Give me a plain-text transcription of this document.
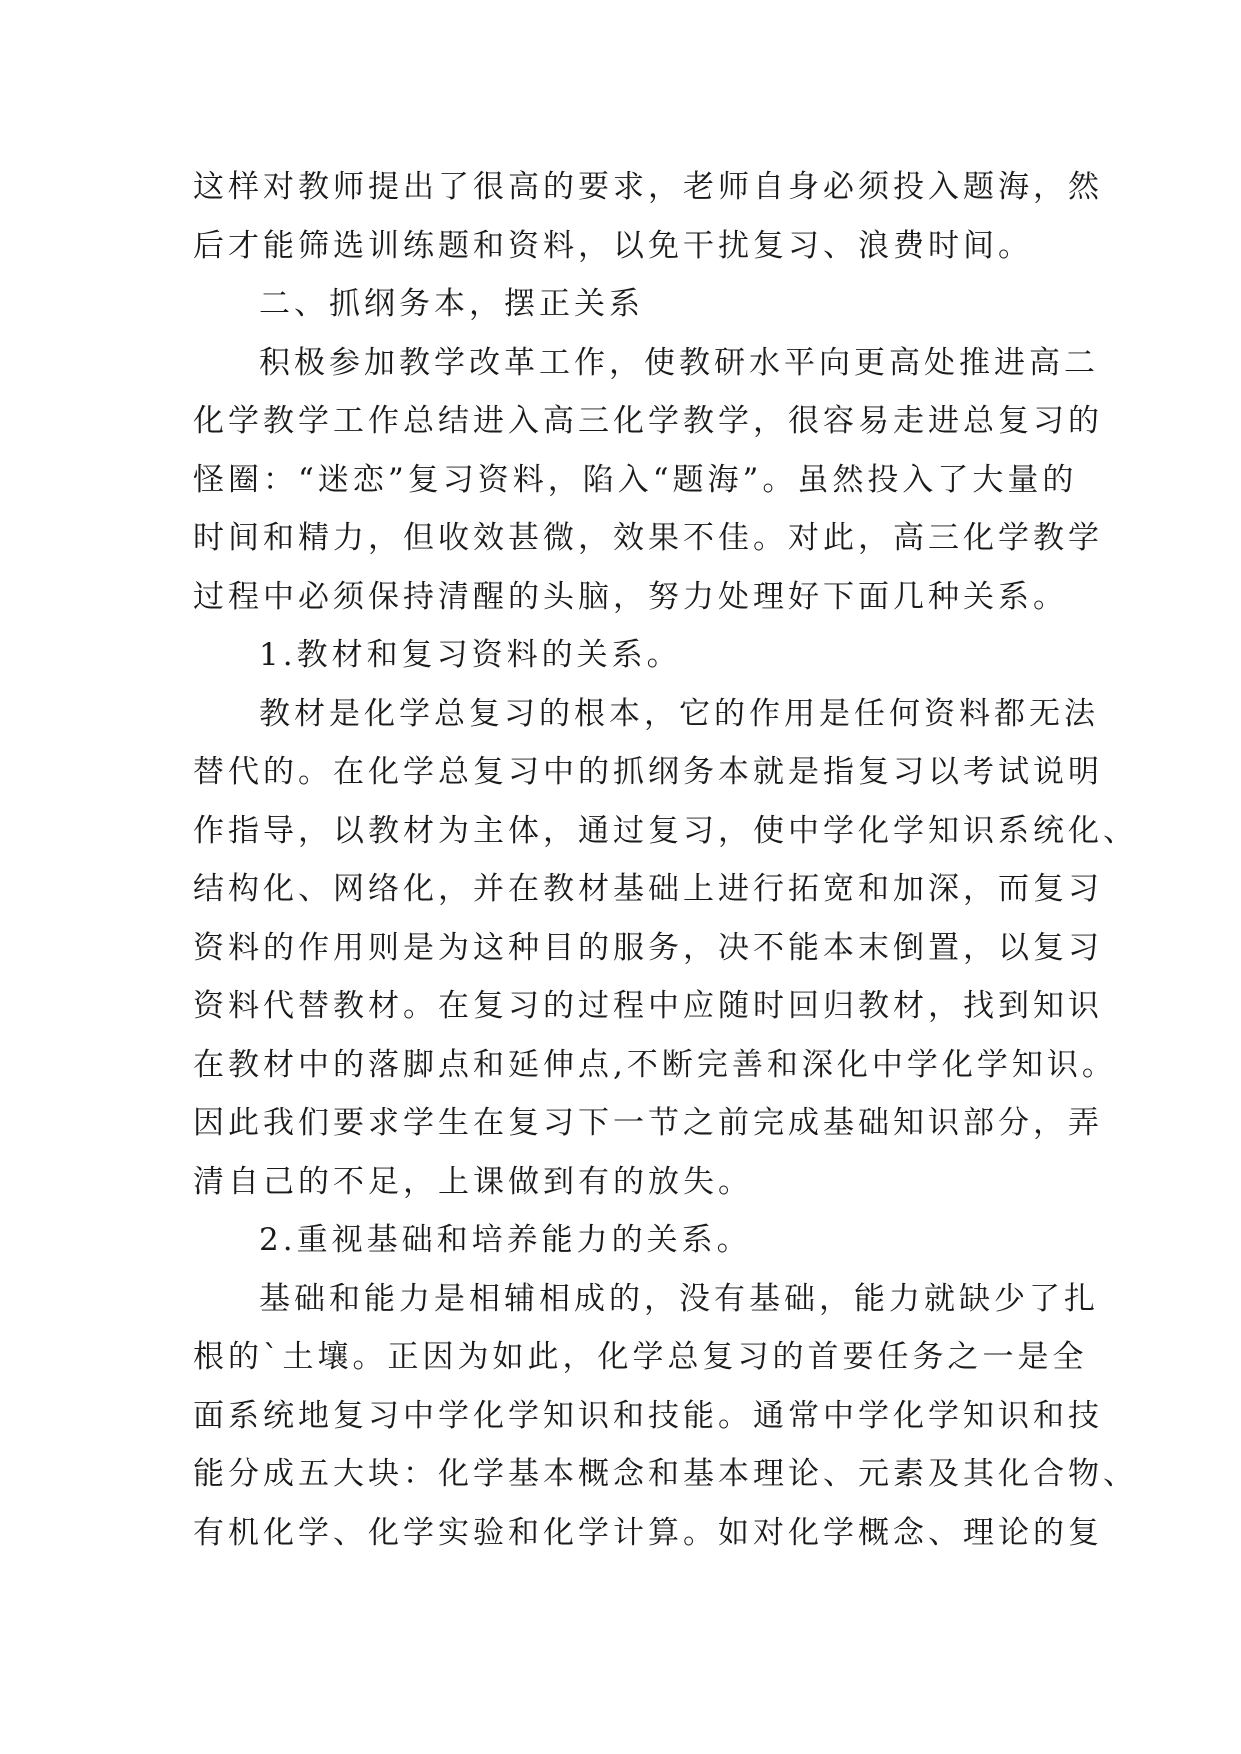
这样对教师提出了很高的要求，老师自身必须投入题海，然
后才能筛选训练题和资料，以免干扰复习、浪费时间。
二、抓纲务本，摆正关系
积极参加教学改革工作，使教研水平向更高处推进高二
化学教学工作总结进入高三化学教学，很容易走进总复习的
怪圈：“迷恋”复习资料，陷入“题海”。虽然投入了大量的
时间和精力，但收效甚微，效果不佳。对此，高三化学教学
过程中必须保持清醒的头脑，努力处理好下面几种关系。
1.教材和复习资料的关系。
教材是化学总复习的根本，它的作用是任何资料都无法
替代的。在化学总复习中的抓纲务本就是指复习以考试说明
作指导，以教材为主体，通过复习，使中学化学知识系统化、
结构化、网络化，并在教材基础上进行拓宽和加深，而复习
资料的作用则是为这种目的服务，决不能本末倒置，以复习
资料代替教材。在复习的过程中应随时回归教材，找到知识
在教材中的落脚点和延伸点,不断完善和深化中学化学知识。
因此我们要求学生在复习下一节之前完成基础知识部分，弄
清自己的不足，上课做到有的放失。
2.重视基础和培养能力的关系。
基础和能力是相辅相成的，没有基础，能力就缺少了扎
根的`土壤。正因为如此，化学总复习的首要任务之一是全
面系统地复习中学化学知识和技能。通常中学化学知识和技
能分成五大块：化学基本概念和基本理论、元素及其化合物、
有机化学、化学实验和化学计算。如对化学概念、理论的复
